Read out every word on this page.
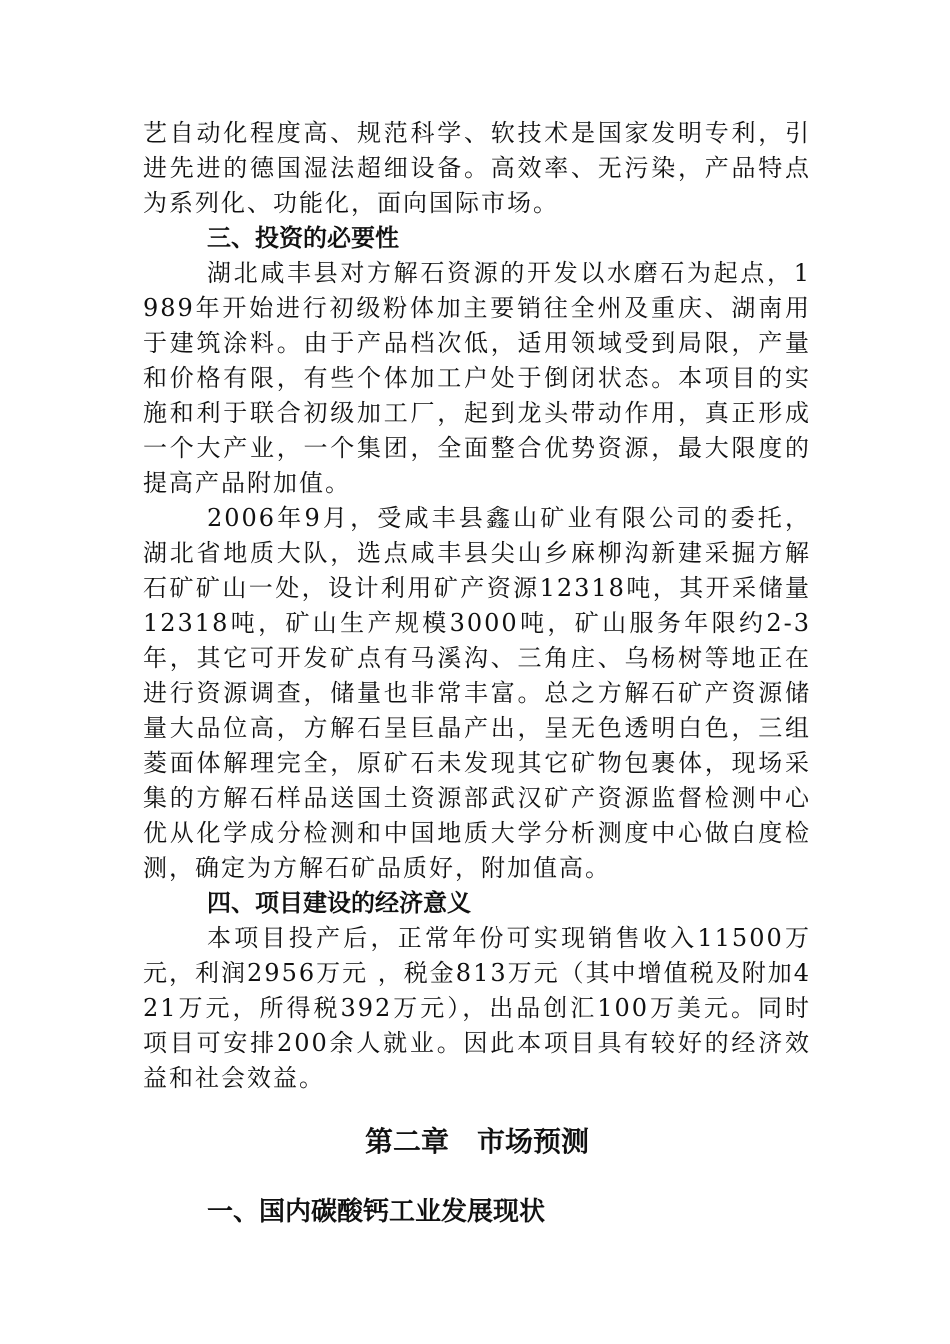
艺自动化程度高、规范科学、软技术是国家发明专利，引进先进的德国湿法超细设备。高效率、无污染，产品特点为系列化、功能化，面向国际市场。

三、投资的必要性

湖北咸丰县对方解石资源的开发以水磨石为起点，1989年开始进行初级粉体加主要销往全州及重庆、湖南用于建筑涂料。由于产品档次低，适用领域受到局限，产量和价格有限，有些个体加工户处于倒闭状态。本项目的实施和利于联合初级加工厂，起到龙头带动作用，真正形成一个大产业，一个集团，全面整合优势资源，最大限度的提高产品附加值。

2006年9月，受咸丰县鑫山矿业有限公司的委托，湖北省地质大队，选点咸丰县尖山乡麻柳沟新建采掘方解石矿矿山一处，设计利用矿产资源12318吨，其开采储量12318吨，矿山生产规模3000吨，矿山服务年限约2-3年，其它可开发矿点有马溪沟、三角庄、乌杨树等地正在进行资源调查，储量也非常丰富。总之方解石矿产资源储量大品位高，方解石呈巨晶产出，呈无色透明白色，三组菱面体解理完全，原矿石未发现其它矿物包裹体，现场采集的方解石样品送国土资源部武汉矿产资源监督检测中心优从化学成分检测和中国地质大学分析测度中心做白度检测，确定为方解石矿品质好，附加值高。

四、项目建设的经济意义

本项目投产后，正常年份可实现销售收入11500万元，利润2956万元 ，税金813万元（其中增值税及附加421万元，所得税392万元），出品创汇100万美元。同时项目可安排200余人就业。因此本项目具有较好的经济效益和社会效益。

第二章　市场预测

一、国内碳酸钙工业发展现状
